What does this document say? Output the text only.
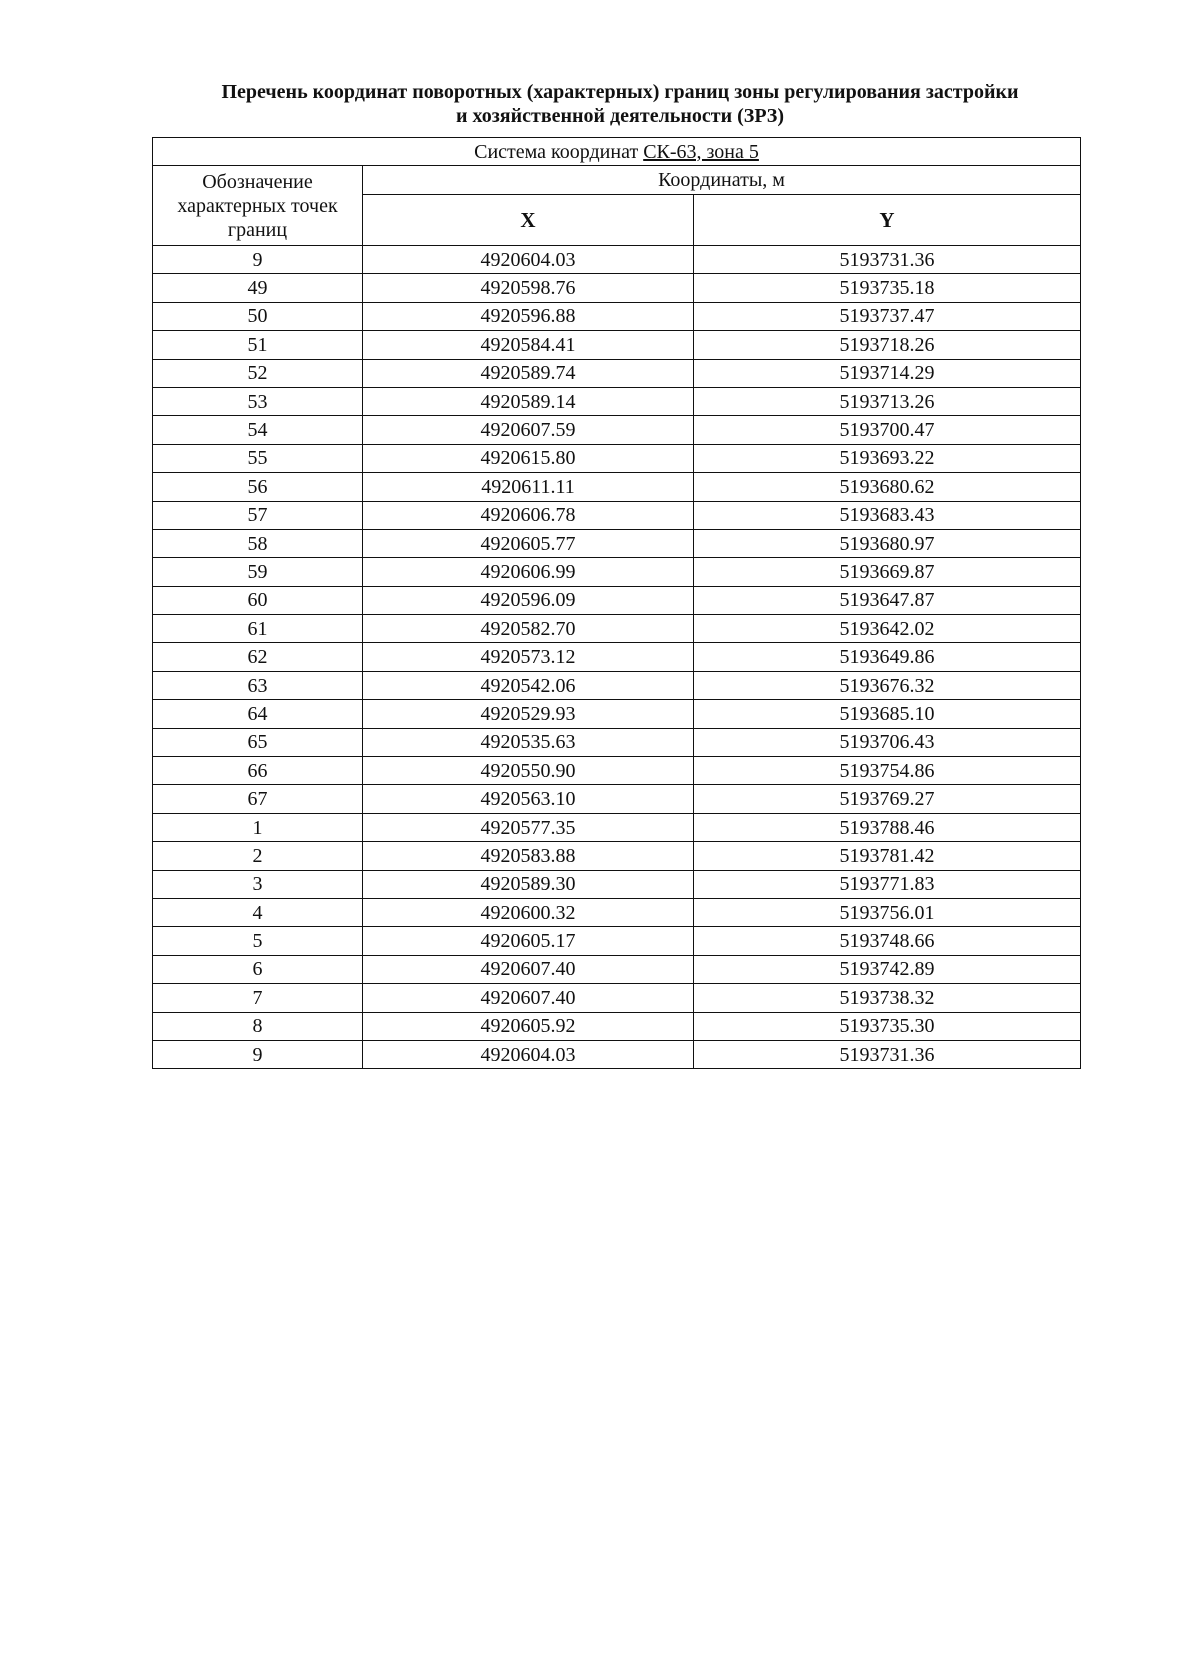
Перечень координат поворотных (характерных) границ зоны регулирования застройки
и хозяйственной деятельности (ЗРЗ)
Система координат СК-63, зона 5		
Обозначение характерных точек границ	Координаты, м	
	X	Y
9	4920604.03	5193731.36
49	4920598.76	5193735.18
50	4920596.88	5193737.47
51	4920584.41	5193718.26
52	4920589.74	5193714.29
53	4920589.14	5193713.26
54	4920607.59	5193700.47
55	4920615.80	5193693.22
56	4920611.11	5193680.62
57	4920606.78	5193683.43
58	4920605.77	5193680.97
59	4920606.99	5193669.87
60	4920596.09	5193647.87
61	4920582.70	5193642.02
62	4920573.12	5193649.86
63	4920542.06	5193676.32
64	4920529.93	5193685.10
65	4920535.63	5193706.43
66	4920550.90	5193754.86
67	4920563.10	5193769.27
1	4920577.35	5193788.46
2	4920583.88	5193781.42
3	4920589.30	5193771.83
4	4920600.32	5193756.01
5	4920605.17	5193748.66
6	4920607.40	5193742.89
7	4920607.40	5193738.32
8	4920605.92	5193735.30
9	4920604.03	5193731.36
